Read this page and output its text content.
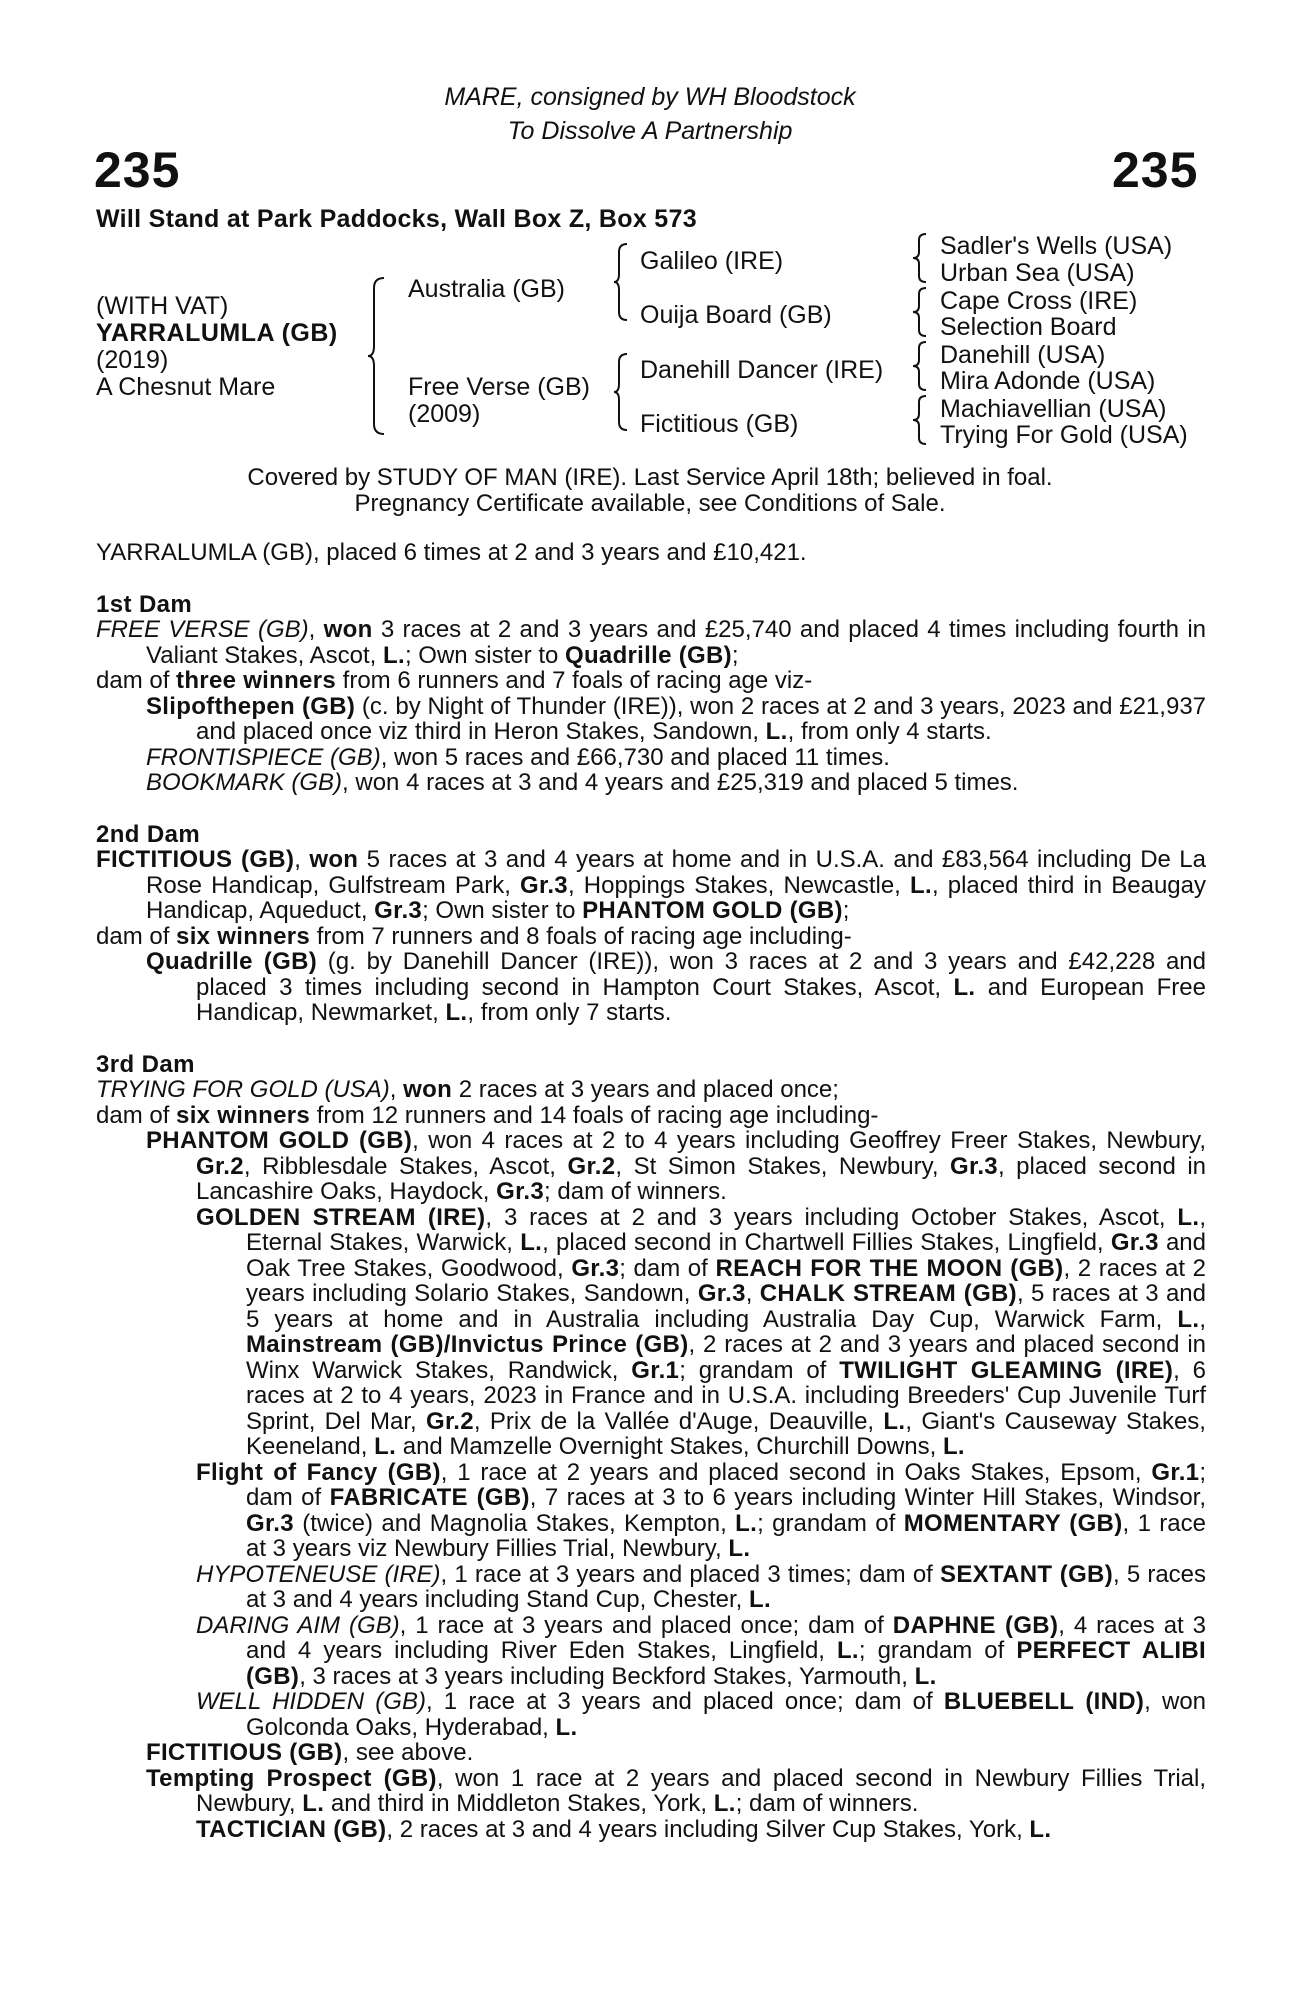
MARE, consigned by WH Bloodstock
To Dissolve A Partnership
235	235
Will Stand at Park Paddocks, Wall Box Z, Box 573
(WITH VAT)
YARRALUMLA (GB)
(2019)
A Chesnut Mare
Australia (GB)
Free Verse (GB)
(2009)
Galileo (IRE)
Ouija Board (GB)
Danehill Dancer (IRE)
Fictitious (GB)
Sadler's Wells (USA)
Urban Sea (USA)
Cape Cross (IRE)
Selection Board
Danehill (USA)
Mira Adonde (USA)
Machiavellian (USA)
Trying For Gold (USA)
Covered by STUDY OF MAN (IRE). Last Service April 18th; believed in foal.
Pregnancy Certificate available, see Conditions of Sale.

YARRALUMLA (GB), placed 6 times at 2 and 3 years and £10,421.

1st Dam

FREE VERSE (GB), won 3 races at 2 and 3 years and £25,740 and placed 4 times including fourth in Valiant Stakes, Ascot, L.; Own sister to Quadrille (GB);

dam of three winners from 6 runners and 7 foals of racing age viz-

Slipofthepen (GB) (c. by Night of Thunder (IRE)), won 2 races at 2 and 3 years, 2023 and £21,937 and placed once viz third in Heron Stakes, Sandown, L., from only 4 starts.

FRONTISPIECE (GB), won 5 races and £66,730 and placed 11 times.

BOOKMARK (GB), won 4 races at 3 and 4 years and £25,319 and placed 5 times.

2nd Dam

FICTITIOUS (GB), won 5 races at 3 and 4 years at home and in U.S.A. and £83,564 including De La Rose Handicap, Gulfstream Park, Gr.3, Hoppings Stakes, Newcastle, L., placed third in Beaugay Handicap, Aqueduct, Gr.3; Own sister to PHANTOM GOLD (GB);

dam of six winners from 7 runners and 8 foals of racing age including-

Quadrille (GB) (g. by Danehill Dancer (IRE)), won 3 races at 2 and 3 years and £42,228 and placed 3 times including second in Hampton Court Stakes, Ascot, L. and European Free Handicap, Newmarket, L., from only 7 starts.

3rd Dam

TRYING FOR GOLD (USA), won 2 races at 3 years and placed once;

dam of six winners from 12 runners and 14 foals of racing age including-

PHANTOM GOLD (GB), won 4 races at 2 to 4 years including Geoffrey Freer Stakes, Newbury, Gr.2, Ribblesdale Stakes, Ascot, Gr.2, St Simon Stakes, Newbury, Gr.3, placed second in Lancashire Oaks, Haydock, Gr.3; dam of winners.

GOLDEN STREAM (IRE), 3 races at 2 and 3 years including October Stakes, Ascot, L., Eternal Stakes, Warwick, L., placed second in Chartwell Fillies Stakes, Lingfield, Gr.3 and Oak Tree Stakes, Goodwood, Gr.3; dam of REACH FOR THE MOON (GB), 2 races at 2 years including Solario Stakes, Sandown, Gr.3, CHALK STREAM (GB), 5 races at 3 and 5 years at home and in Australia including Australia Day Cup, Warwick Farm, L., Mainstream (GB)/Invictus Prince (GB), 2 races at 2 and 3 years and placed second in Winx Warwick Stakes, Randwick, Gr.1; grandam of TWILIGHT GLEAMING (IRE), 6 races at 2 to 4 years, 2023 in France and in U.S.A. including Breeders' Cup Juvenile Turf Sprint, Del Mar, Gr.2, Prix de la Vallée d'Auge, Deauville, L., Giant's Causeway Stakes, Keeneland, L. and Mamzelle Overnight Stakes, Churchill Downs, L.

Flight of Fancy (GB), 1 race at 2 years and placed second in Oaks Stakes, Epsom, Gr.1; dam of FABRICATE (GB), 7 races at 3 to 6 years including Winter Hill Stakes, Windsor, Gr.3 (twice) and Magnolia Stakes, Kempton, L.; grandam of MOMENTARY (GB), 1 race at 3 years viz Newbury Fillies Trial, Newbury, L.

HYPOTENEUSE (IRE), 1 race at 3 years and placed 3 times; dam of SEXTANT (GB), 5 races at 3 and 4 years including Stand Cup, Chester, L.

DARING AIM (GB), 1 race at 3 years and placed once; dam of DAPHNE (GB), 4 races at 3 and 4 years including River Eden Stakes, Lingfield, L.; grandam of PERFECT ALIBI (GB), 3 races at 3 years including Beckford Stakes, Yarmouth, L.

WELL HIDDEN (GB), 1 race at 3 years and placed once; dam of BLUEBELL (IND), won Golconda Oaks, Hyderabad, L.

FICTITIOUS (GB), see above.

Tempting Prospect (GB), won 1 race at 2 years and placed second in Newbury Fillies Trial, Newbury, L. and third in Middleton Stakes, York, L.; dam of winners.

TACTICIAN (GB), 2 races at 3 and 4 years including Silver Cup Stakes, York, L.
